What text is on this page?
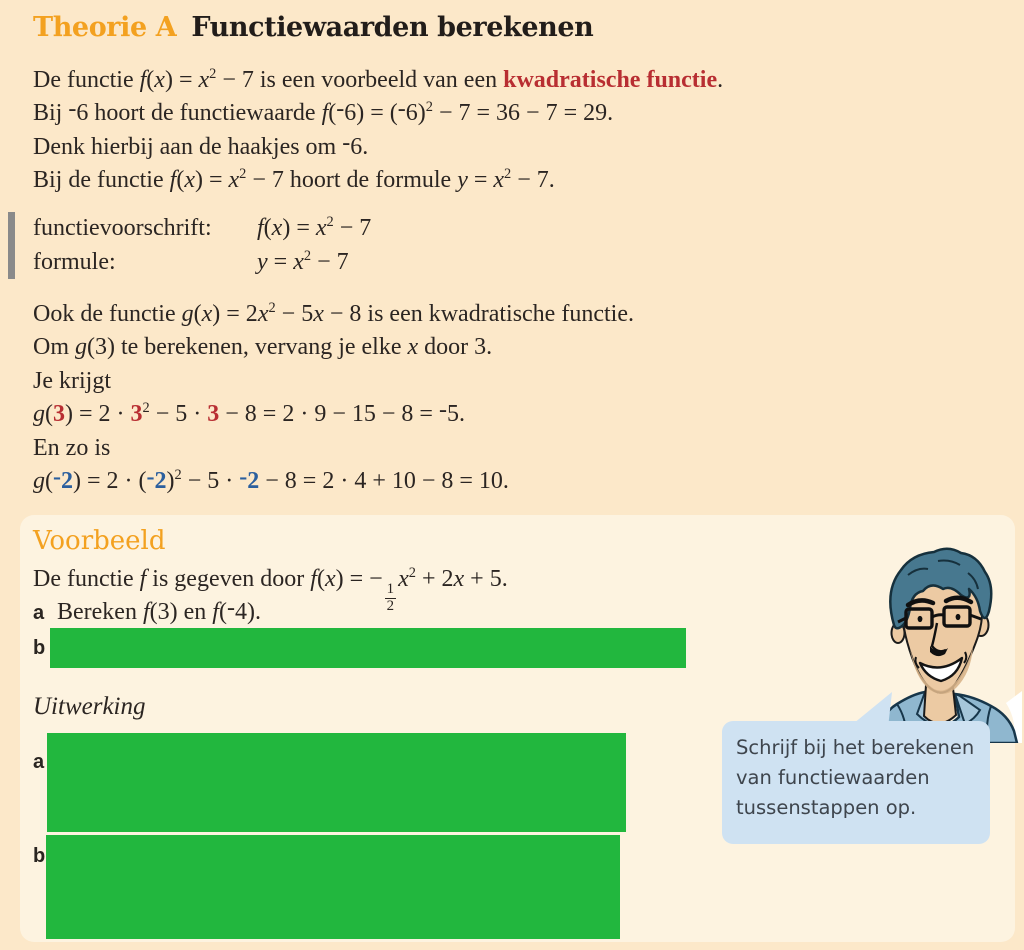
Theorie A Functiewaarden berekenen
De functie $f(x) = x^2 - 7$ is een voorbeeld van een kwadratische functie.
Bij -6 hoort de functiewaarde $f(-6) = (-6)^2 - 7 = 36 - 7 = 29$.
Denk hierbij aan de haakjes om -6.
Bij de functie $f(x) = x^2 - 7$ hoort de formule $y = x^2 - 7$.
functievoorschrift:	$f(x) = x^2 - 7$
formule:	$y = x^2 - 7$
Ook de functie $g(x) = 2x^2 - 5x - 8$ is een kwadratische functie.
Om g(3) te berekenen, vervang je elke x door 3.
Je krijgt
$g(3) = 2 \cdot 3^2 - 5 \cdot 3 - 8 = 2 \cdot 9 - 15 - 8 = -5$.
En zo is
$g(-2) = 2 \cdot (-2)^2 - 5 \cdot -2 - 8 = 2 \cdot 4 + 10 - 8 = 10$.
Voorbeeld
De functie f is gegeven door f(x) = −
$\frac{1}{2}$
$x^2 + 2x + 5$.
a Bereken f(3) en f(-4).
b
Uitwerking
a
b
Schrijf bij het berekenen van functiewaarden tussenstappen op.
